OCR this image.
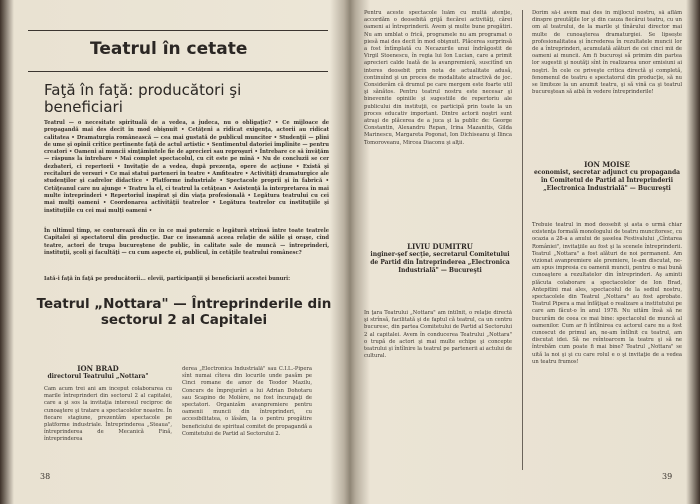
Teatrul în cetate
Faţă în faţă: producători şi beneficiari
Teatrul — o necesitate spirituală de a vedea, a judeca, nu o obligaţie? • Ce mijloace de propagandă mai des decit în mod obişnuit • Cetăţeni a ridicat exigenţa, actorii au ridicat calitatea • Dramaturgia românească — cea mai gustată de publicul muncitor • Studenţii — plini de ume şi opinii critice pertinente faţă de actul artistic • Sentimentul datoriei împlinite — pentru creatori • Oameni ai muncii simţămintele fie de aprecieri sau reproşuri • Întrebare ce să învăţăm — răspuns la întrebare • Mai complet spectacolul, cu cit este pe mînă • Nu de concluzii se cer dezbateri, ci repertorii • Invitaţie de a vedea, după prezenţa, opere de acţiune • Există şi recitaluri de versuri • Ce mai statui parteneri în teatre • Amfiteatre • Activităţi dramaturgice ale studenţilor şi cadrelor didactice • Platforme industriale • Spectacole proprii şi în fabrică • Cetăţeanul care nu ajunge • Teatru la el, ci teatrul la cetăţean • Asistenţă la interpretarea în mai multe întreprinderi • Repertoriul inspirat şi din viaţa profesională • Legătura teatrului cu cei mai mulţi oameni • Coordonarea activităţii teatrelor • Legătura teatrelor cu instituţiile şi instituţiile cu cei mai mulţi oameni •
În ultimul timp, se conturează din ce în ce mai puternic o legătură strînsă între toate teatrele Capitalei şi spectatorul din producţie. Dar ce înseamnă aceea relaţie de sălile şi oraşe, cînd teatre, actori de trupa bucureştene de public, în calitate sale de muncă — întreprinderi, instituţii, şcoli şi facultăţi — cu cum aspecte ei, publicul, în cetăţile teatrului românesc?
Iată-i faţă în faţă pe producătorii... elevii, participanţii şi beneficiarii acestei bunuri:
Teatrul „Nottara" — Întreprinderile din sectorul 2 al Capitalei
ION BRAD
directorul Teatrului „Nottara"
Cam acum trei ani am început colaborarea cu marile întreprinderi din sectorul 2 al capitalei, care a şi sos la invitaţia interesul reciproc de cunoaştere şi tratare a spectacolelor noastre. În fiecare stagiune, prezentăm spectacole pe platforme industriale. Întreprinderea „Steaua", întreprinderea de Mecanică Fină, întreprinderea
derea „Electronica Industrială" sau C.I.L.-Pipera sînt numai cîteva din locurile unde pasăm pe Cinci romane de amor de Teodor Mazilu, Concurs de împrejurări a lui Adrian Dohotaru sau Scapino de Molière, ne fost încurajaţi de spectatori. Organizăm avanpremiere pentru oamenii muncii din întreprinderi, cu accesibilitatea, o lăsăm, la o pentru pregătire beneficiului de spiritual comitet de propagandă a Comitetului de Partid al Sectorului 2.
38
Pentru aceste spectacole luăm cu multă atenţie, accordăm o deosebită grijă fiecărei activităţi, cărei oameni ai întreprinderii. Avem şi multe bune pregătiri. Nu am umblat o frică, programele nu am programat o piesă mai des decit în mod obişnuit. Plăcerea surprinsă a fost întîmplată cu Necazurile unui îndrăgostit de Virgil Stoenescu, în regia lui Ion Lucian, care a primit aprecieri calde luată de la avanpremieră, suscitînd un interes deosebit prin nota de actualitate adusă, continuînd şi un proces de modalitate atractivă de joc. Considerăm că drumul pe care mergem este foarte util şi sănătos. Pentru teatrul nostru este necesar şi binevenite opiniile şi sugestiile de repertoriu ale publicului din instituţii, ce participă prin toate la un proces educativ important. Dintre actorii noştri sunt atraşi de plăcerea de a juca şi la public de: George Constantin, Alexandru Repan, Irina Mazanitis, Gilda Marinescu, Margareta Pogonat, Ion Dichiseanu şi Ilinca Tomoroveanu, Mircea Diaconu şi alţii.
Dorim să-i avem mai des în mijlocul nostru, să aflăm dinspre greutăţile lor şi din cauza fiecărui teatru, cu un om al teatrului, de la marile şi tînărului director mai multe de cunoaşterea dramaturgiei. Se lipsește profesionalitatea și încrederea în rezultatele muncii lor de a întreprinderi, acumulată alături de cei cinci mii de oameni ai muncii. Am fi bucuroşi să primim din partea lor sugestii şi noutăţi sînt în realizarea unor emisiuni ai noştri. În cele ce priveşte critica directă şi completă, fenomenul de teatru e spectatorul din producţie, să nu se limiteze la un anumit teatru, şi să vină ca şi teatrul bucureştean să aibă în vedere întreprinderile!
ION MOISE
economist, secretar adjunct cu propaganda în Comitetul de Partid al Întreprinderii „Electronica Industrială" — Bucureşti
Trebuie teatrul în mod deosebit şi asta o urmă chiar existenţa formală monologului de teatru muncitoresc, cu ocazia a 28-a a anului de şaselea Festivalului „Cîntarea României", invitaţiile au fost şi la scenele întreprinderii. Teatrul „Nottara" a fost alături de noi permanent. Am vizionat avanpremiere ale premiere, le-am discutat, ne-am spus impresia cu oamenii muncii, pentru o mai bună cunoaştere a rezultatelor din întreprinderi. Aş aminti plăcuta colaborare a spectacolelor de Ion Brad, Antepitini mai ales, spectacolul de la sediul nostru, spectacolele din Teatrul „Nottara" au fost aprobate. Teatrul Pipera a mai înfăţişat o realizare a institutului pe care am făcut-o în anul 1978. Nu uităm însă să ne bucurăm de ceea ce mai bine: spectacolul de muncă al oamenilor. Cum ar fi întîlnirea cu actorul care nu a fost cunoscut de primul an, ne-am întîlnit cu teatrul, am discutat idei. Să ne reîntoarcem la teatru şi să ne întrebăm cum poate fi mai bine? Teatrul „Nottara" se uită la noi şi şi cu care rolul e o şi invitaţie de a vedea un teatru frumos!
LIVIU DUMITRU
inginer-şef secţie, secretarul Comitetului de Partid din Întreprinderea „Electronica Industrială" — Bucureşti
În ţara Teatrului „Nottara" am întîlnit, o relaţie directă şi strînsă, facilitată şi de faptul că teatrul, ca un centru bucuresc, din partea Comitetului de Partid al Sectorului 2 al capitalei. Avem în conducerea Teatrului „Nottara" o trupă de actori şi mai multe echipe şi concepte teatrului şi întîlnire la teatrul pe partenerii ai actului de cultural.
39
